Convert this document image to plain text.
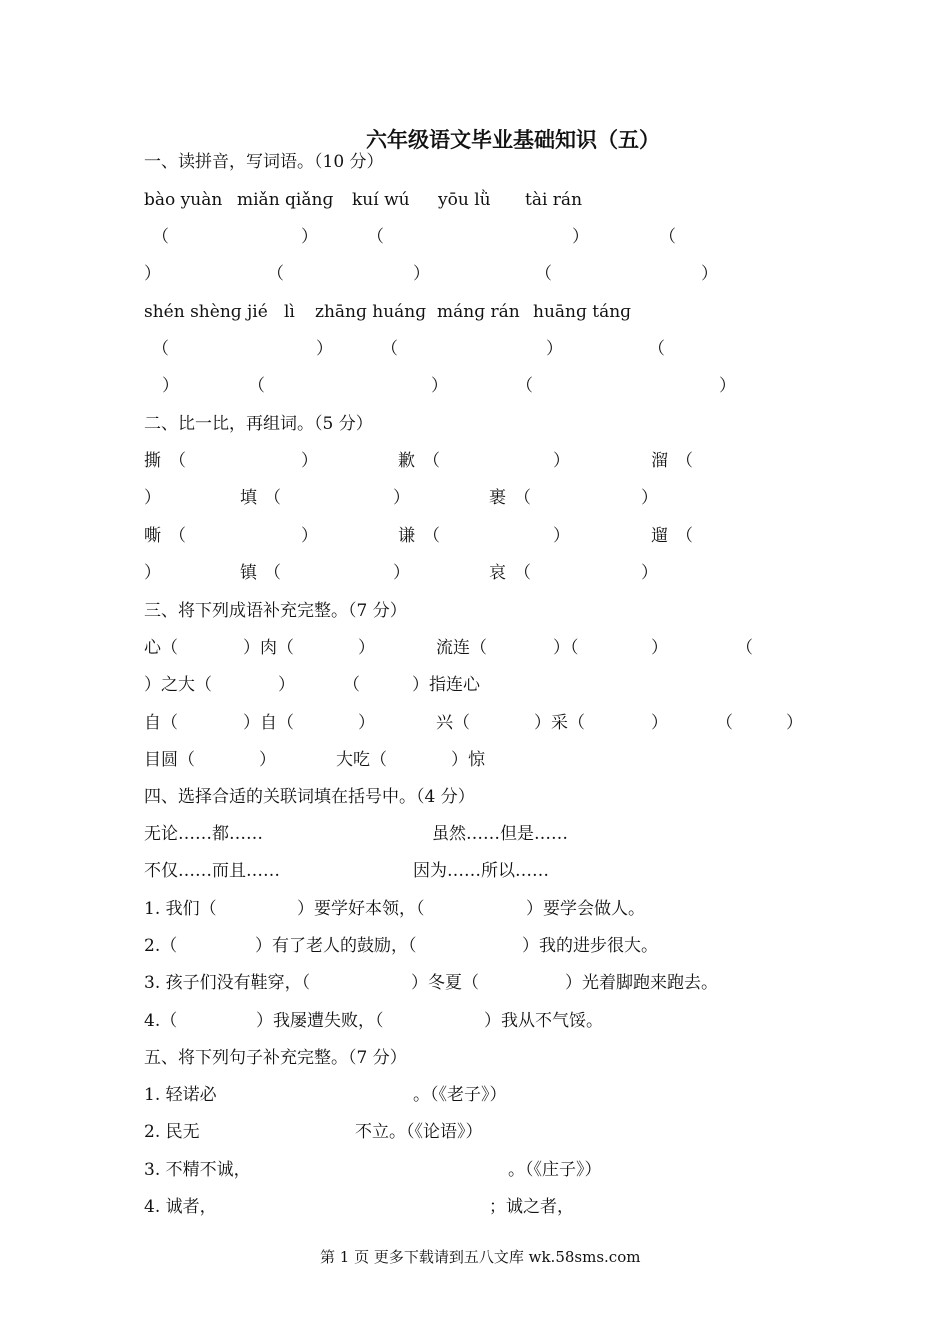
六年级语文毕业基础知识（五）
一、读拼音，写词语。（10 分）
bào yuàn miǎn qiǎnɡ kuí wú yōu lǜ tài rán
（	）	（	）	（
）	（	）	（	）
shén shènɡ jié   lì zhānɡ huánɡ mánɡ rán huānɡ tánɡ
（	）	（	）	（
）	（	）	（	）
二、比一比，再组词。（5 分）
撕 （	）	歉 （	）	溜 （
）	填 （	）	裹 （	）
嘶 （	）	谦 （	）	遛 （
）	镇 （	）	哀 （	）
三、将下列成语补充完整。（7 分）
心（	）肉（	）	流连（	）（	）	（
）之大（	）	（	）指连心
自（	）自（	）	兴（	）采（	）	（	）
目圆（	）	大吃（	）惊
四、选择合适的关联词填在括号中。（4 分）
无论……都……	虽然……但是……
不仅……而且……	因为……所以……
1. 我们（	）要学好本领，（	）要学会做人。
2.（	）有了老人的鼓励，（	）我的进步很大。
3. 孩子们没有鞋穿，（	）冬夏（	）光着脚跑来跑去。
4.（	）我屡遭失败，（	）我从不气馁。
五、将下列句子补充完整。（7 分）
1. 轻诺必	。（《老子》）
2. 民无	不立。（《论语》）
3. 不精不诚，	。（《庄子》）
4. 诚者，	；诚之者，
第 1 页 更多下载请到五八文库 wk.58sms.com
